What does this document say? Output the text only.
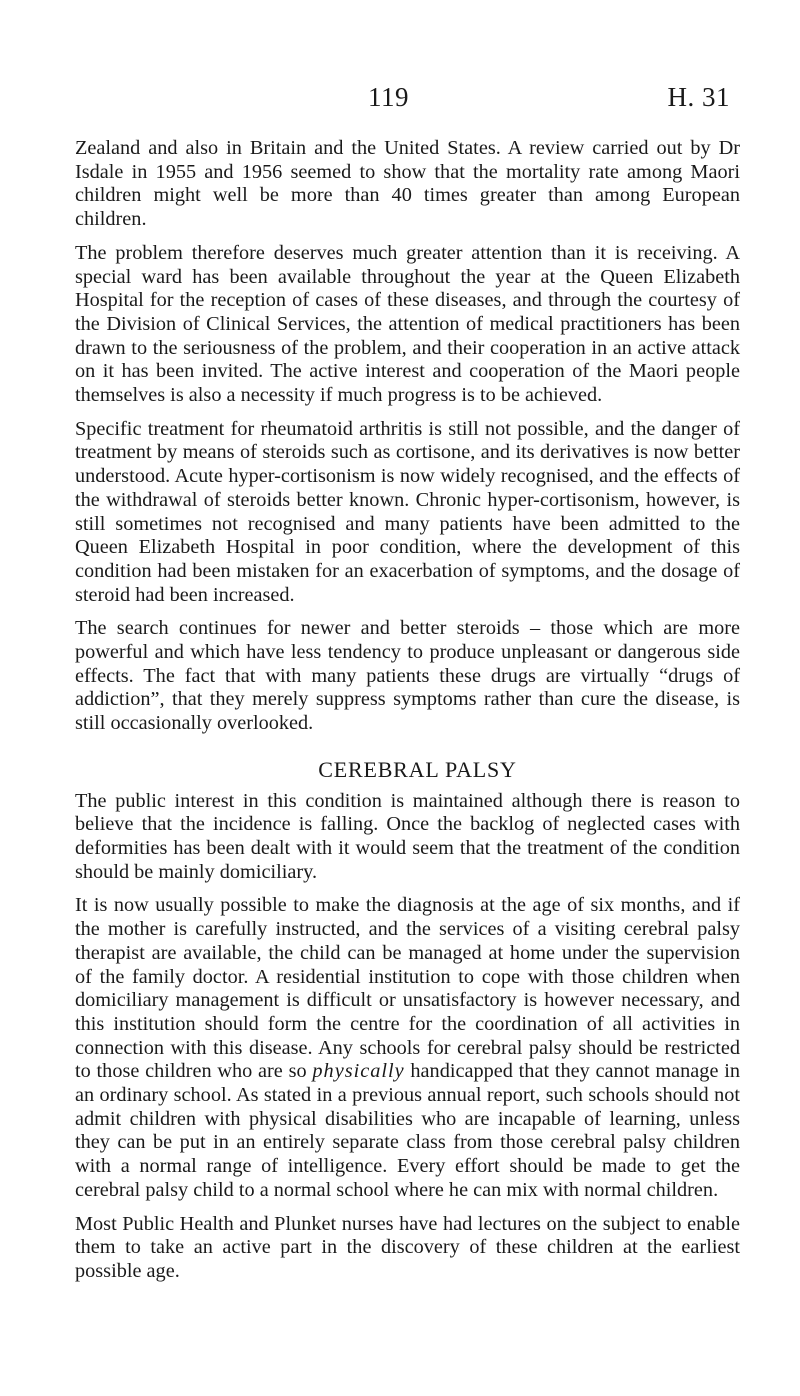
119	H. 31

Zealand and also in Britain and the United States. A review carried out by Dr Isdale in 1955 and 1956 seemed to show that the mortality rate among Maori children might well be more than 40 times greater than among European children.

The problem therefore deserves much greater attention than it is receiving. A special ward has been available throughout the year at the Queen Elizabeth Hospital for the reception of cases of these diseases, and through the courtesy of the Division of Clinical Services, the attention of medical practitioners has been drawn to the seriousness of the problem, and their cooperation in an active attack on it has been invited. The active interest and cooperation of the Maori people themselves is also a necessity if much progress is to be achieved.

Specific treatment for rheumatoid arthritis is still not possible, and the danger of treatment by means of steroids such as cortisone, and its derivatives is now better understood. Acute hyper-cortisonism is now widely recognised, and the effects of the withdrawal of steroids better known. Chronic hyper-cortisonism, however, is still sometimes not recognised and many patients have been admitted to the Queen Elizabeth Hospital in poor condition, where the development of this condition had been mistaken for an exacerbation of symptoms, and the dosage of steroid had been increased.

The search continues for newer and better steroids – those which are more powerful and which have less tendency to produce unpleasant or dangerous side effects. The fact that with many patients these drugs are virtually “drugs of addiction”, that they merely suppress symptoms rather than cure the disease, is still occasionally overlooked.

CEREBRAL PALSY

The public interest in this condition is maintained although there is reason to believe that the incidence is falling. Once the backlog of neglected cases with deformities has been dealt with it would seem that the treatment of the condition should be mainly domiciliary.

It is now usually possible to make the diagnosis at the age of six months, and if the mother is carefully instructed, and the services of a visiting cerebral palsy therapist are available, the child can be managed at home under the supervision of the family doctor. A residential institution to cope with those children when domiciliary management is difficult or unsatisfactory is however necessary, and this institution should form the centre for the coordination of all activities in connection with this disease. Any schools for cerebral palsy should be restricted to those children who are so physically handicapped that they cannot manage in an ordinary school. As stated in a previous annual report, such schools should not admit children with physical disabilities who are incapable of learning, unless they can be put in an entirely separate class from those cerebral palsy children with a normal range of intelligence. Every effort should be made to get the cerebral palsy child to a normal school where he can mix with normal children.

Most Public Health and Plunket nurses have had lectures on the subject to enable them to take an active part in the discovery of these children at the earliest possible age.
